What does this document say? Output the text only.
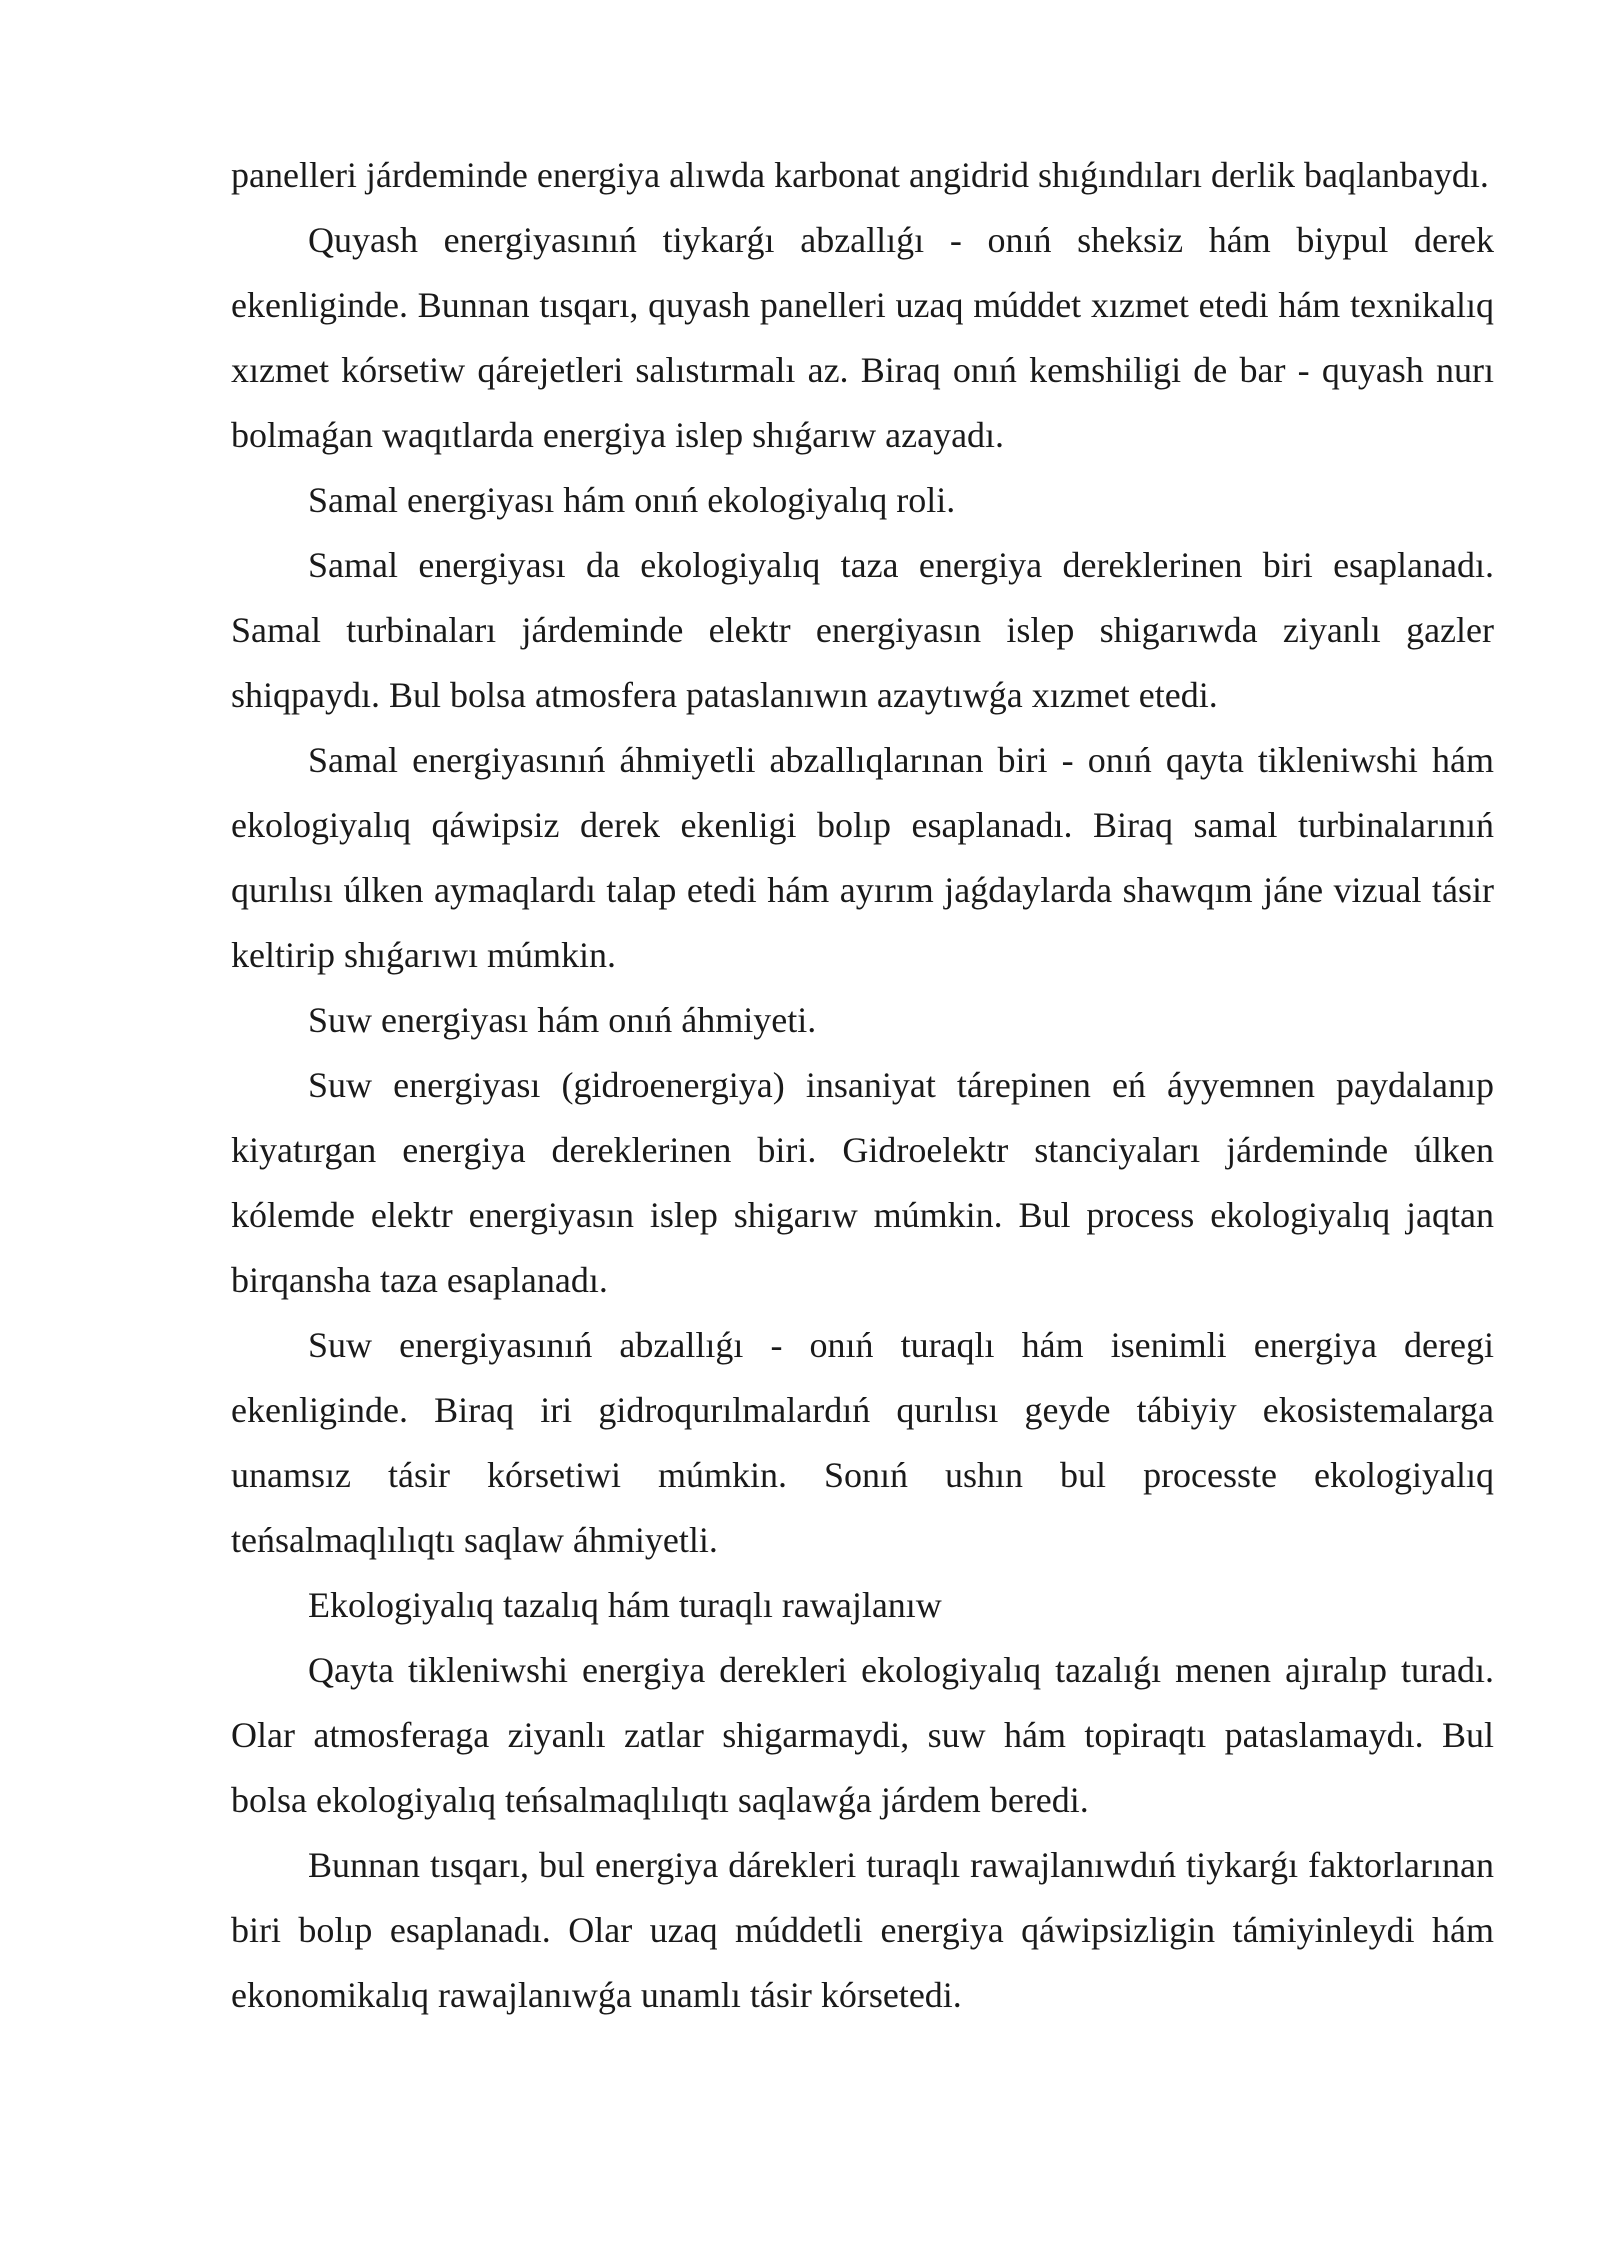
panelleri járdeminde energiya alıwda karbonat angidrid shıǵındıları derlik baqlanbaydı.

Quyash energiyasınıń tiykarǵı abzallıǵı - onıń sheksiz hám biypul derek ekenliginde. Bunnan tısqarı, quyash panelleri uzaq múddet xızmet etedi hám texnikalıq xızmet kórsetiw qárejetleri salıstırmalı az. Biraq onıń kemshiligi de bar - quyash nurı bolmaǵan waqıtlarda energiya islep shıǵarıw azayadı.

Samal energiyası hám onıń ekologiyalıq roli.

Samal energiyası da ekologiyalıq taza energiya dereklerinen biri esaplanadı. Samal turbinaları járdeminde elektr energiyasın islep shigarıwda ziyanlı gazler shiqpaydı. Bul bolsa atmosfera pataslanıwın azaytıwǵa xızmet etedi.

Samal energiyasınıń áhmiyetli abzallıqlarınan biri - onıń qayta tikleniwshi hám ekologiyalıq qáwipsiz derek ekenligi bolıp esaplanadı. Biraq samal turbinalarınıń qurılısı úlken aymaqlardı talap etedi hám ayırım jaǵdaylarda shawqım jáne vizual tásir keltirip shıǵarıwı múmkin.

Suw energiyası hám onıń áhmiyeti.

Suw energiyası (gidroenergiya) insaniyat tárepinen eń áyyemnen paydalanıp kiyatırgan energiya dereklerinen biri. Gidroelektr stanciyaları járdeminde úlken kólemde elektr energiyasın islep shigarıw múmkin. Bul process ekologiyalıq jaqtan birqansha taza esaplanadı.

Suw energiyasınıń abzallıǵı - onıń turaqlı hám isenimli energiya deregi ekenliginde. Biraq iri gidroqurılmalardıń qurılısı geyde tábiyiy ekosistemalarga unamsız tásir kórsetiwi múmkin. Sonıń ushın bul processte ekologiyalıq teńsalmaqlılıqtı saqlaw áhmiyetli.

Ekologiyalıq tazalıq hám turaqlı rawajlanıw

Qayta tikleniwshi energiya derekleri ekologiyalıq tazalıǵı menen ajıralıp turadı. Olar atmosferaga ziyanlı zatlar shigarmaydi, suw hám topiraqtı pataslamaydı. Bul bolsa ekologiyalıq teńsalmaqlılıqtı saqlawǵa járdem beredi.

Bunnan tısqarı, bul energiya dárekleri turaqlı rawajlanıwdıń tiykarǵı faktorlarınan biri bolıp esaplanadı. Olar uzaq múddetli energiya qáwipsizligin támiyinleydi hám ekonomikalıq rawajlanıwǵa unamlı tásir kórsetedi.
